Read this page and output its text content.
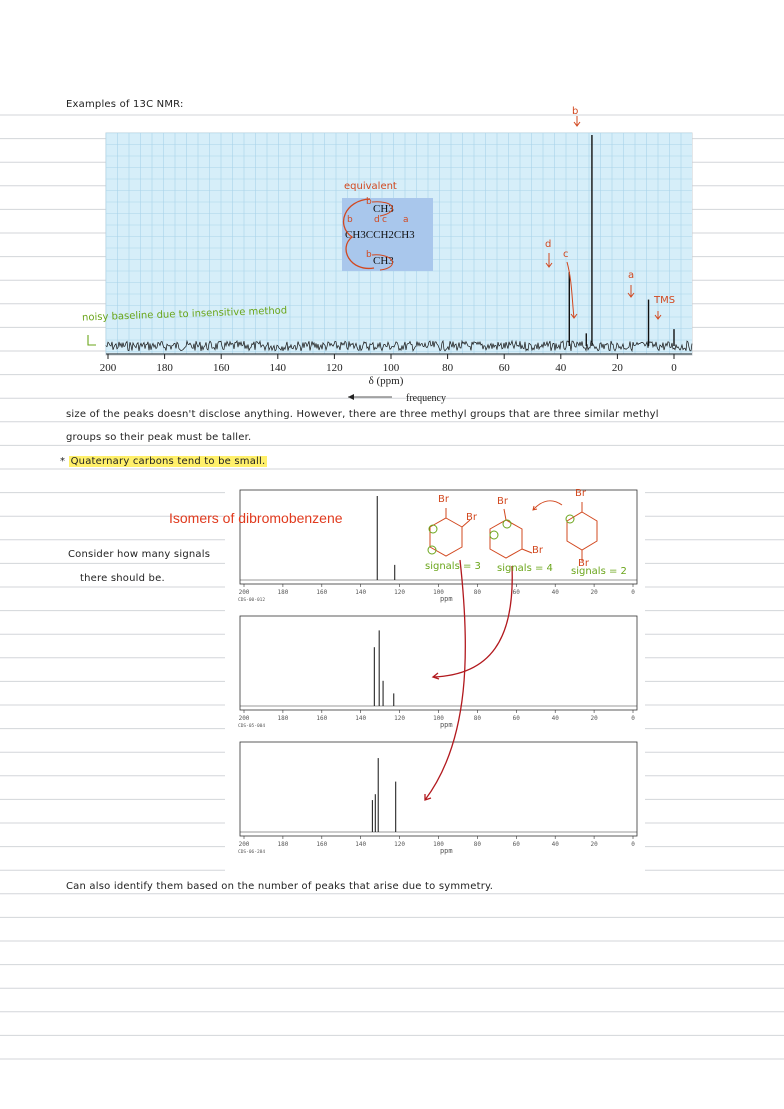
Examples of 13C NMR:
200	180	160	140	120	100	80	60	40	20	0
δ (ppm)
frequency
CH3
CH3CCH2CH3
CH3
b
b d c a
b
equivalent
b
d
c
a
TMS
noisy baseline due to insensitive method
size of the peaks doesn't disclose anything. However, there are three methyl groups that are three similar methyl
groups so their peak must be taller.
* Quaternary carbons tend to be small.
Consider how many signals
there should be.
Can also identify them based on the number of peaks that arise due to symmetry.
200	180	160	140	120	100	80	60	40	20	0
CDS-00-012	ppm
200	180	160	140	120	100	80	60	40	20	0
CDS-05-004	ppm
200	180	160	140	120	100	80	60	40	20	0
CDS-06-284	ppm
Isomers of dibromobenzene
Br
Br
Br
Br
Br
Br
signals = 3 signals = 4 signals = 2
